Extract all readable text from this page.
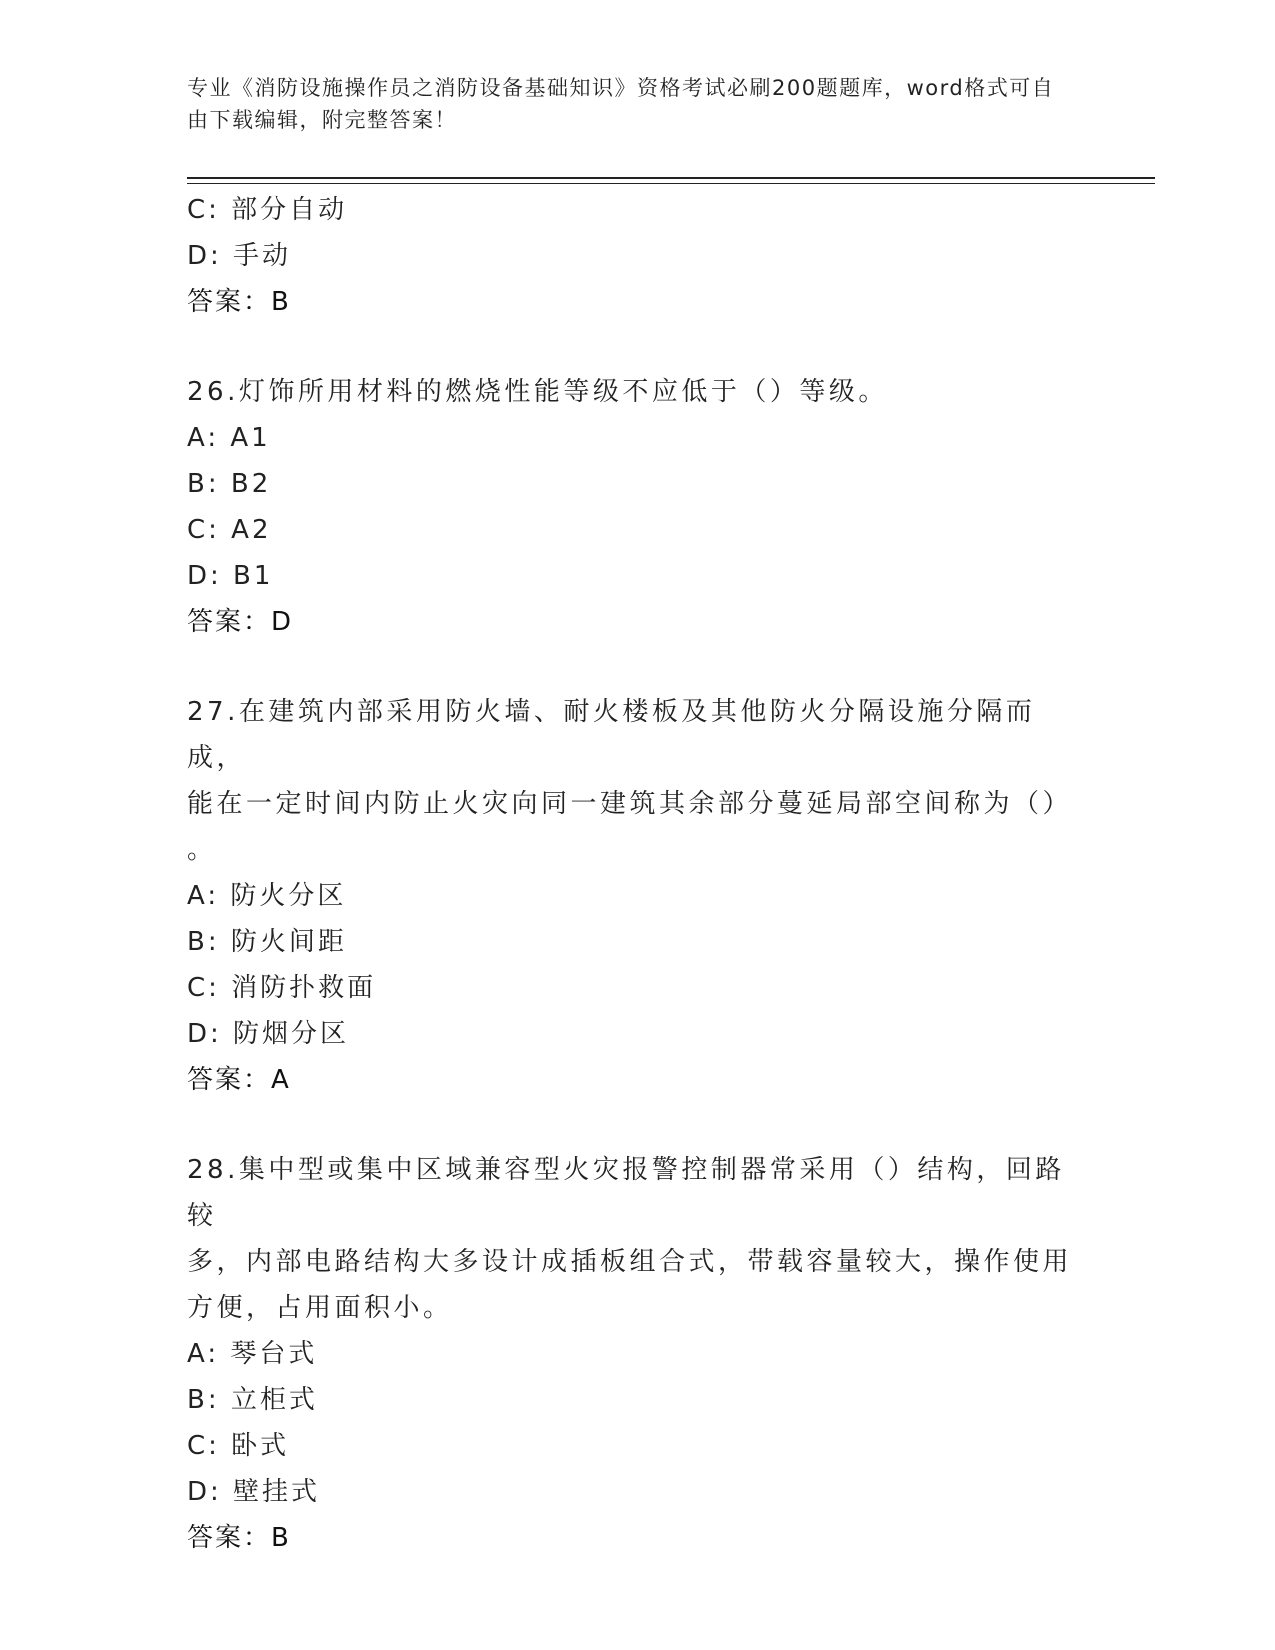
专业《消防设施操作员之消防设备基础知识》资格考试必刷200题题库，word格式可自由下载编辑，附完整答案！
C: 部分自动
D: 手动
答案：B
26.灯饰所用材料的燃烧性能等级不应低于（）等级。
A: A1
B: B2
C: A2
D: B1
答案：D
27.在建筑内部采用防火墙、耐火楼板及其他防火分隔设施分隔而成，
能在一定时间内防止火灾向同一建筑其余部分蔓延局部空间称为（）
。
A: 防火分区
B: 防火间距
C: 消防扑救面
D: 防烟分区
答案：A
28.集中型或集中区域兼容型火灾报警控制器常采用（）结构，回路较
多，内部电路结构大多设计成插板组合式，带载容量较大，操作使用
方便，占用面积小。
A: 琴台式
B: 立柜式
C: 卧式
D: 壁挂式
答案：B
